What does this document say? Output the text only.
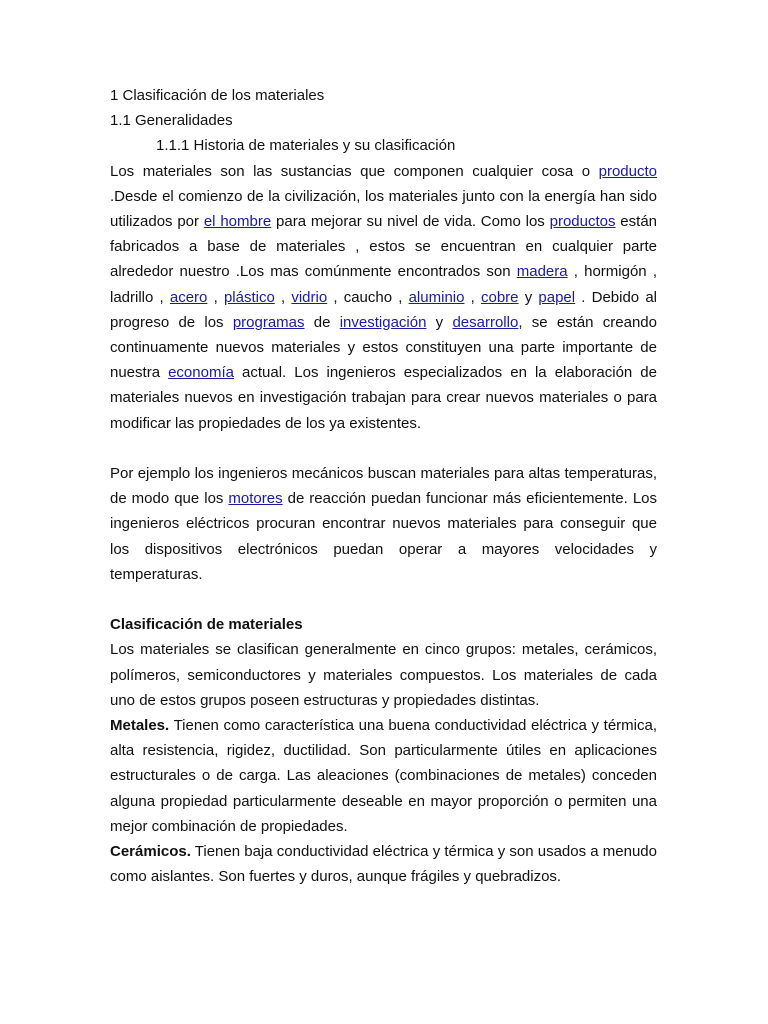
1 Clasificación de los materiales
1.1 Generalidades
1.1.1 Historia de materiales y su clasificación

Los materiales son las sustancias que componen cualquier cosa o producto .Desde el comienzo de la civilización, los materiales junto con la energía han sido utilizados por el hombre para mejorar su nivel de vida. Como los productos están fabricados a base de materiales , estos se encuentran en cualquier parte alrededor nuestro .Los mas comúnmente encontrados son madera , hormigón , ladrillo , acero , plástico , vidrio , caucho , aluminio , cobre y papel . Debido al progreso de los programas de investigación y desarrollo, se están creando continuamente nuevos materiales y estos constituyen una parte importante de nuestra economía actual. Los ingenieros especializados en la elaboración de materiales nuevos en investigación trabajan para crear nuevos materiales o para modificar las propiedades de los ya existentes.

Por ejemplo los ingenieros mecánicos buscan materiales para altas temperaturas, de modo que los motores de reacción puedan funcionar más eficientemente. Los ingenieros eléctricos procuran encontrar nuevos materiales para conseguir que los dispositivos electrónicos puedan operar a mayores velocidades y temperaturas.

Clasificación de materiales

Los materiales se clasifican generalmente en cinco grupos: metales, cerámicos, polímeros, semiconductores y materiales compuestos. Los materiales de cada uno de estos grupos poseen estructuras y propiedades distintas.

Metales. Tienen como característica una buena conductividad eléctrica y térmica, alta resistencia, rigidez, ductilidad. Son particularmente útiles en aplicaciones estructurales o de carga. Las aleaciones (combinaciones de metales) conceden alguna propiedad particularmente deseable en mayor proporción o permiten una mejor combinación de propiedades.

Cerámicos. Tienen baja conductividad eléctrica y térmica y son usados a menudo como aislantes. Son fuertes y duros, aunque frágiles y quebradizos.
